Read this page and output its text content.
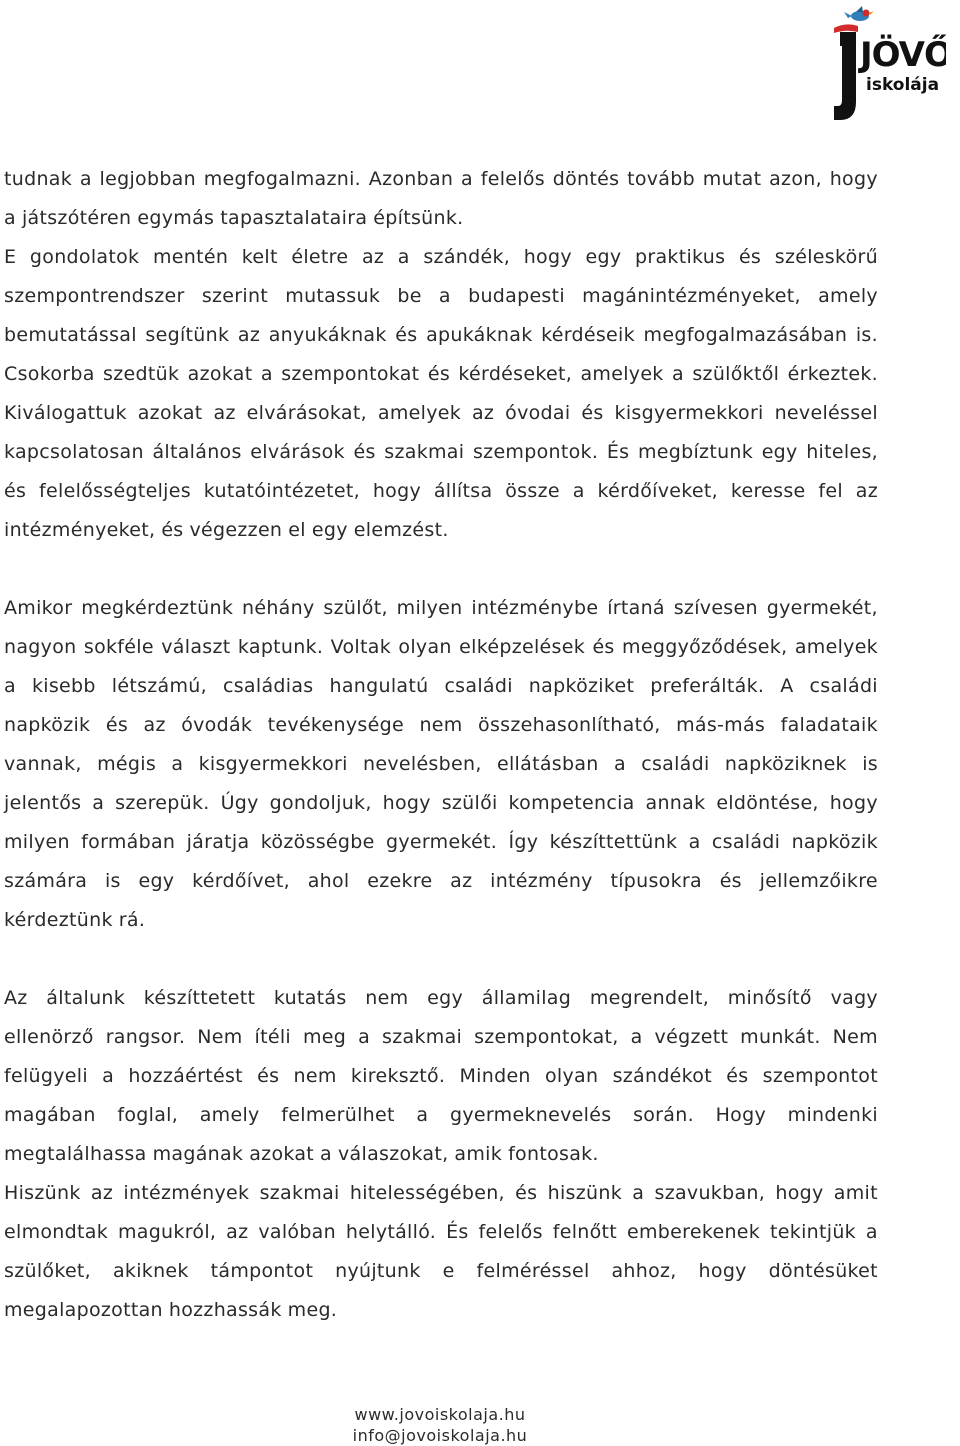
JÖVŐ
iskolája
tudnak a legjobban megfogalmazni. Azonban a felelős döntés tovább mutat azon, hogy
a játszótéren egymás tapasztalataira építsünk.
E gondolatok mentén kelt életre az a szándék, hogy egy praktikus és széleskörű
szempontrendszer szerint mutassuk be a budapesti magánintézményeket, amely
bemutatással segítünk az anyukáknak és apukáknak kérdéseik megfogalmazásában is.
Csokorba szedtük azokat a szempontokat és kérdéseket, amelyek a szülőktől érkeztek.
Kiválogattuk azokat az elvárásokat, amelyek az óvodai és kisgyermekkori neveléssel
kapcsolatosan általános elvárások és szakmai szempontok. És megbíztunk egy hiteles,
és felelősségteljes kutatóintézetet, hogy állítsa össze a kérdőíveket, keresse fel az
intézményeket, és végezzen el egy elemzést.
Amikor megkérdeztünk néhány szülőt, milyen intézménybe írtaná szívesen gyermekét,
nagyon sokféle választ kaptunk. Voltak olyan elképzelések és meggyőződések, amelyek
a kisebb létszámú, családias hangulatú családi napköziket preferálták. A családi
napközik és az óvodák tevékenysége nem összehasonlítható, más-más faladataik
vannak, mégis a kisgyermekkori nevelésben, ellátásban a családi napköziknek is
jelentős a szerepük. Úgy gondoljuk, hogy szülői kompetencia annak eldöntése, hogy
milyen formában járatja közösségbe gyermekét. Így készíttettünk a családi napközik
számára is egy kérdőívet, ahol ezekre az intézmény típusokra és jellemzőikre
kérdeztünk rá.
Az általunk készíttetett kutatás nem egy államilag megrendelt, minősítő vagy
ellenörző rangsor. Nem ítéli meg a szakmai szempontokat, a végzett munkát. Nem
felügyeli a hozzáértést és nem kireksztő. Minden olyan szándékot és szempontot
magában foglal, amely felmerülhet a gyermeknevelés során. Hogy mindenki
megtalálhassa magának azokat a válaszokat, amik fontosak.
Hiszünk az intézmények szakmai hitelességében, és hiszünk a szavukban, hogy amit
elmondtak magukról, az valóban helytálló. És felelős felnőtt emberekenek tekintjük a
szülőket, akiknek támpontot nyújtunk e felméréssel ahhoz, hogy döntésüket
megalapozottan hozzhassák meg.
www.jovoiskolaja.hu
info@jovoiskolaja.hu
